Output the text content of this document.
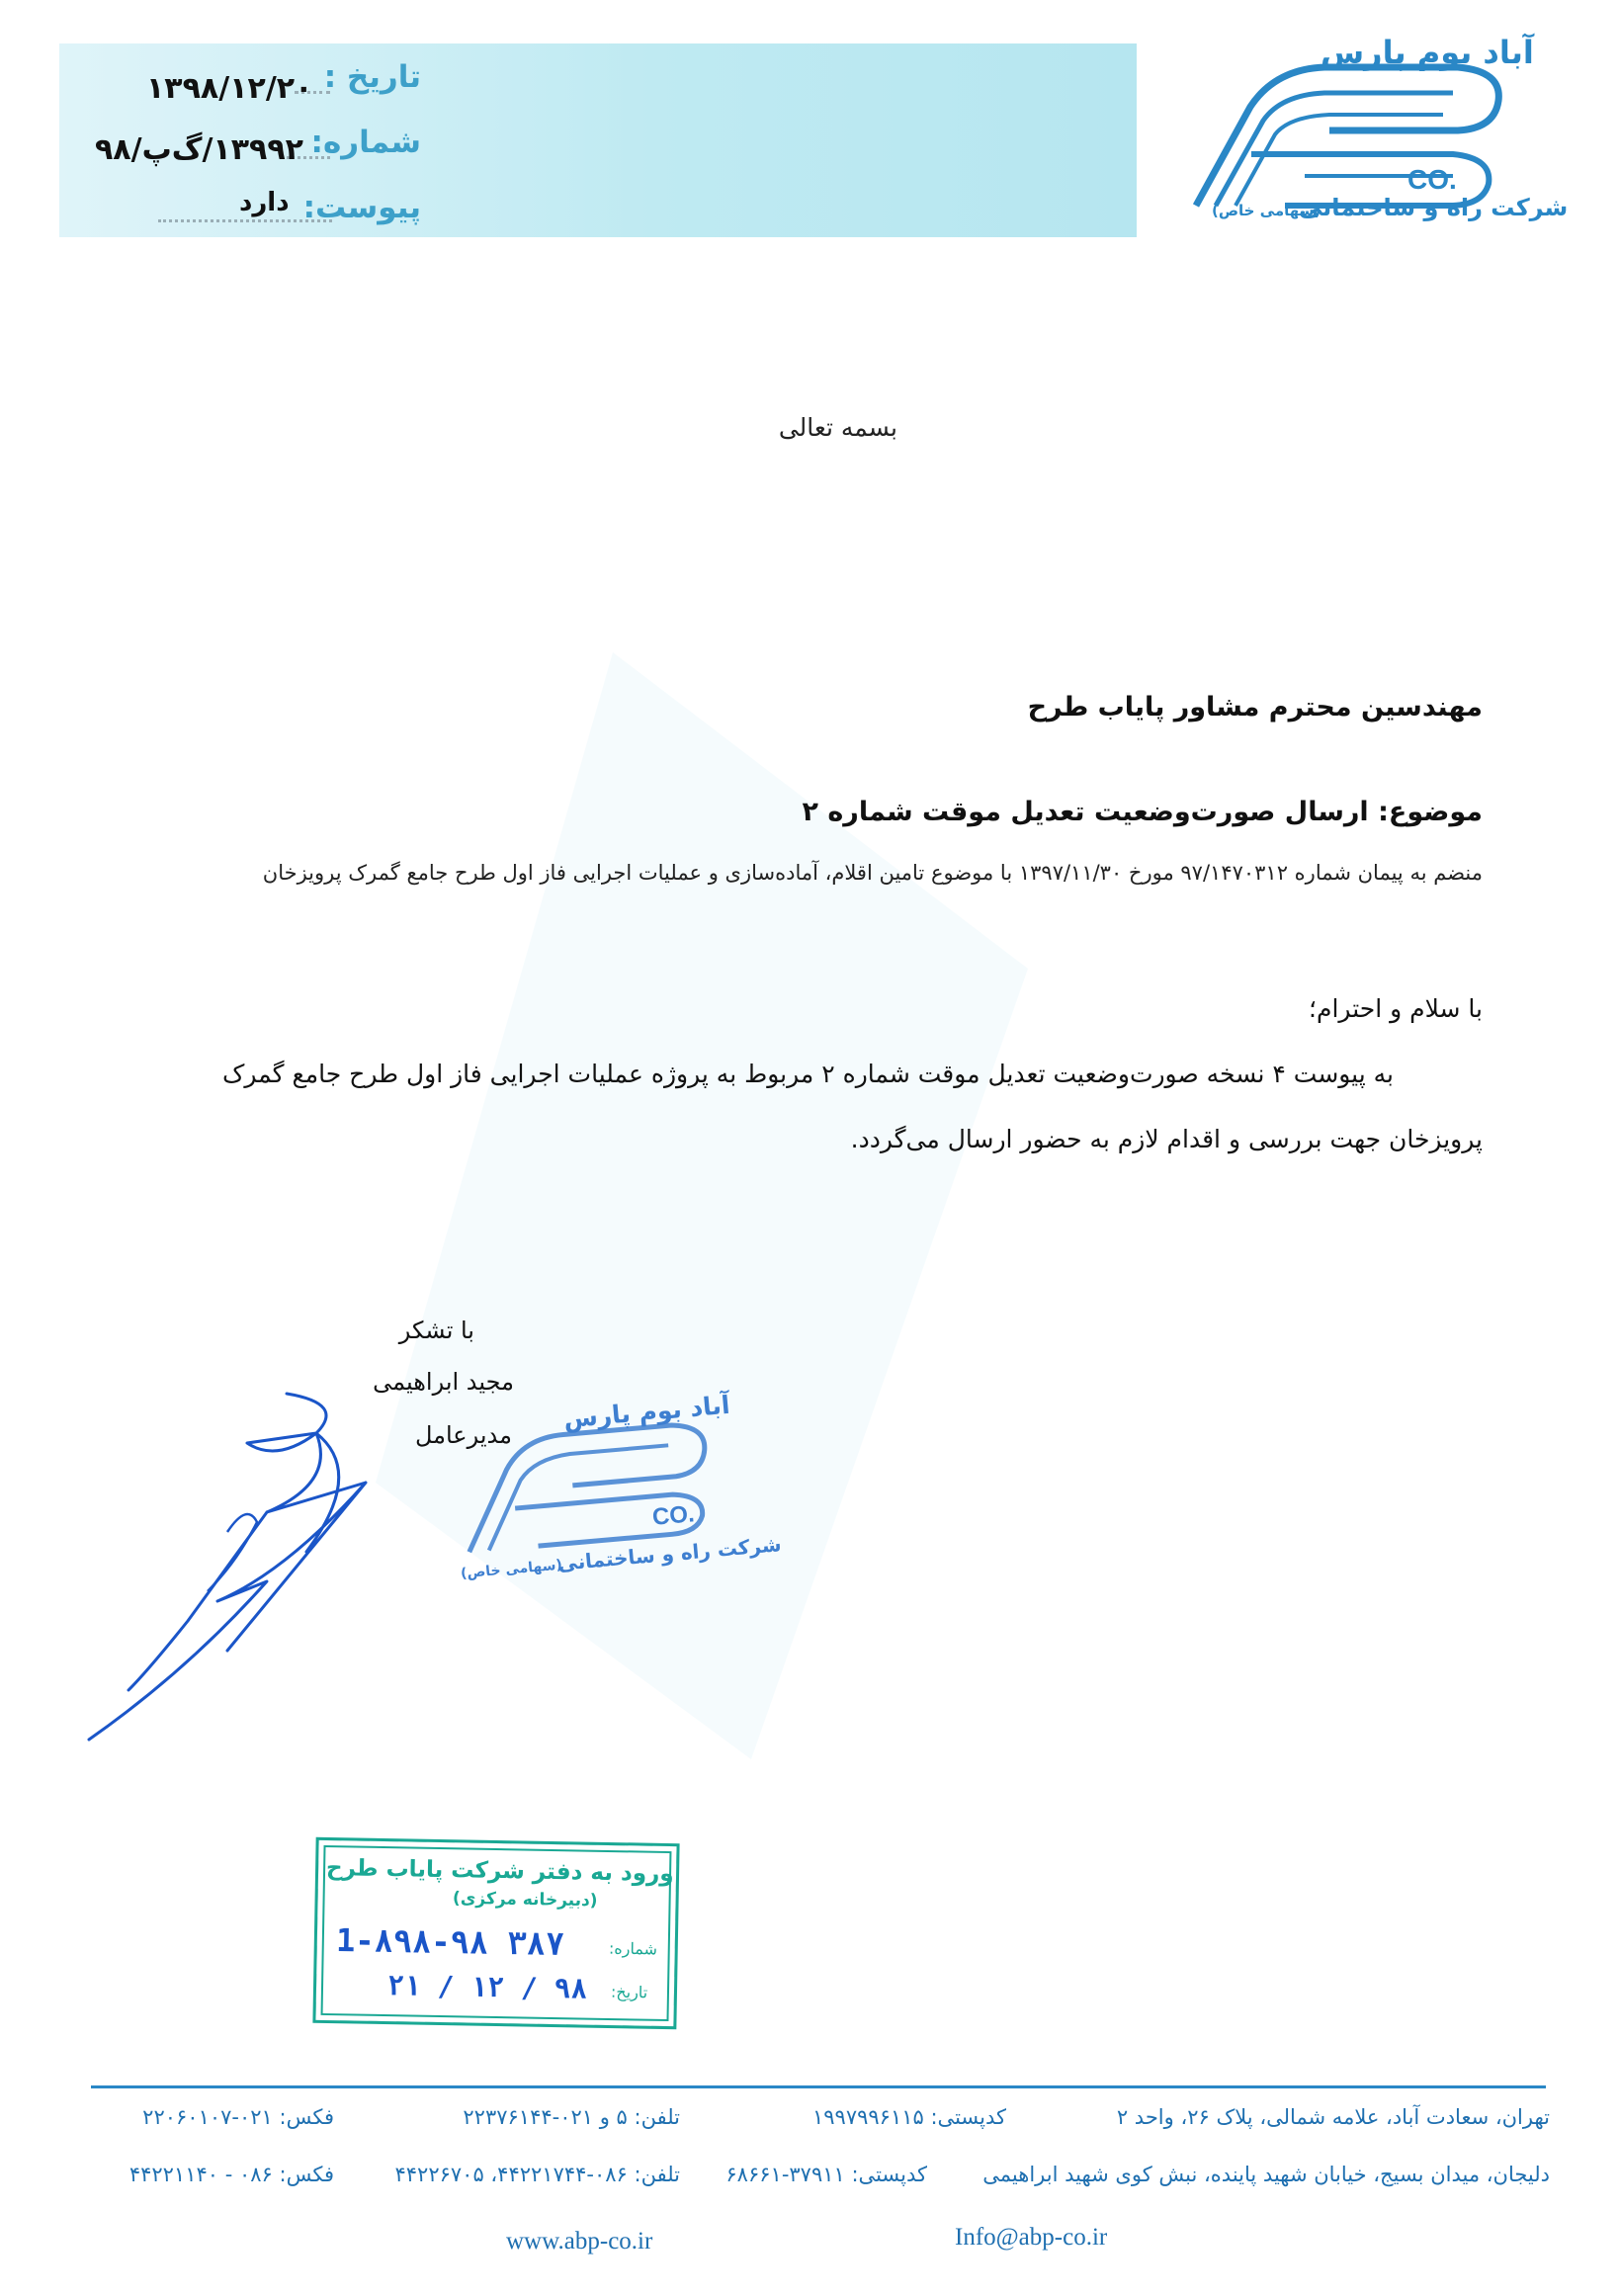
تاریخ :
۱۳۹۸/۱۲/۲۰
شماره:
۱۳۹۹۲/گ‌پ/۹۸
پیوست:
دارد
آباد بوم پارس
CO.
شرکت راه و ساختمانی
(سهامی خاص)
بسمه تعالی
مهندسین محترم مشاور پایاب طرح
موضوع: ارسال صورت‌وضعیت تعدیل موقت شماره ۲
منضم به پیمان شماره ۹۷/۱۴۷۰۳۱۲ مورخ ۱۳۹۷/۱۱/۳۰ با موضوع تامین اقلام، آماده‌سازی و عملیات اجرایی فاز اول طرح جامع گمرک پرویزخان
با سلام و احترام؛
به پیوست ۴ نسخه صورت‌وضعیت تعدیل موقت شماره ۲ مربوط به پروژه عملیات اجرایی فاز اول طرح جامع گمرک
پرویزخان جهت بررسی و اقدام لازم به حضور ارسال می‌گردد.
با تشکر
مجید ابراهیمی
مدیرعامل
آباد بوم پارس
CO.
شرکت راه و ساختمانی
(سهامی خاص)
ورود به دفتر شرکت پایاب طرح
(دبیرخانه مرکزی)
شماره:
1-۸۹۸-۹۸ ۳۸۷
تاریخ:
۲۱ / ۱۲ / ۹۸
تهران، سعادت آباد، علامه شمالی، پلاک ۲۶، واحد ۲
کدپستی: ۱۹۹۷۹۹۶۱۱۵
تلفن: ۵ و ۰۲۱-۲۲۳۷۶۱۴۴
فکس: ۰۲۱-۲۲۰۶۰۱۰۷
دلیجان، میدان بسیج، خیابان شهید پاینده، نبش کوی شهید ابراهیمی
کدپستی: ۳۷۹۱۱-۶۸۶۶۱
تلفن: ۰۸۶-۴۴۲۲۱۷۴۴، ۴۴۲۲۶۷۰۵
فکس: ۰۸۶ - ۴۴۲۲۱۱۴۰
www.abp-co.ir	Info@abp-co.ir
